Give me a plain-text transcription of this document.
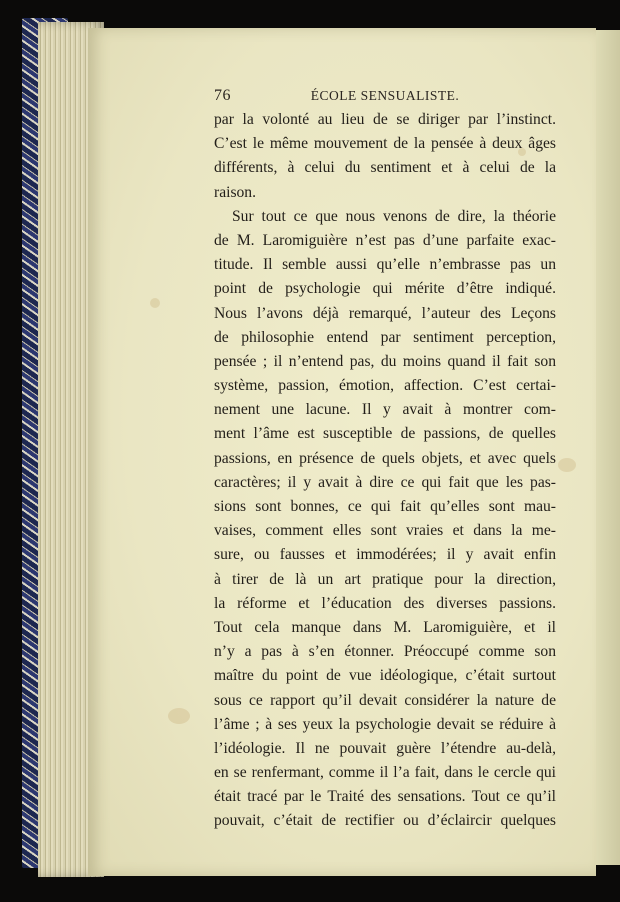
76	ÉCOLE SENSUALISTE.
par la volonté au lieu de se diriger par l’instinct.
C’est le même mouvement de la pensée à deux âges
différents, à celui du sentiment et à celui de la
raison.
Sur tout ce que nous venons de dire, la théorie
de M. Laromiguière n’est pas d’une parfaite exac-
titude. Il semble aussi qu’elle n’embrasse pas un
point de psychologie qui mérite d’être indiqué.
Nous l’avons déjà remarqué, l’auteur des Leçons
de philosophie entend par sentiment perception,
pensée ; il n’entend pas, du moins quand il fait son
système, passion, émotion, affection. C’est certai-
nement une lacune. Il y avait à montrer com-
ment l’âme est susceptible de passions, de quelles
passions, en présence de quels objets, et avec quels
caractères; il y avait à dire ce qui fait que les pas-
sions sont bonnes, ce qui fait qu’elles sont mau-
vaises, comment elles sont vraies et dans la me-
sure, ou fausses et immodérées; il y avait enfin
à tirer de là un art pratique pour la direction,
la réforme et l’éducation des diverses passions.
Tout cela manque dans M. Laromiguière, et il
n’y a pas à s’en étonner. Préoccupé comme son
maître du point de vue idéologique, c’était surtout
sous ce rapport qu’il devait considérer la nature de
l’âme ; à ses yeux la psychologie devait se réduire à
l’idéologie. Il ne pouvait guère l’étendre au-delà,
en se renfermant, comme il l’a fait, dans le cercle qui
était tracé par le Traité des sensations. Tout ce qu’il
pouvait, c’était de rectifier ou d’éclaircir quelques
